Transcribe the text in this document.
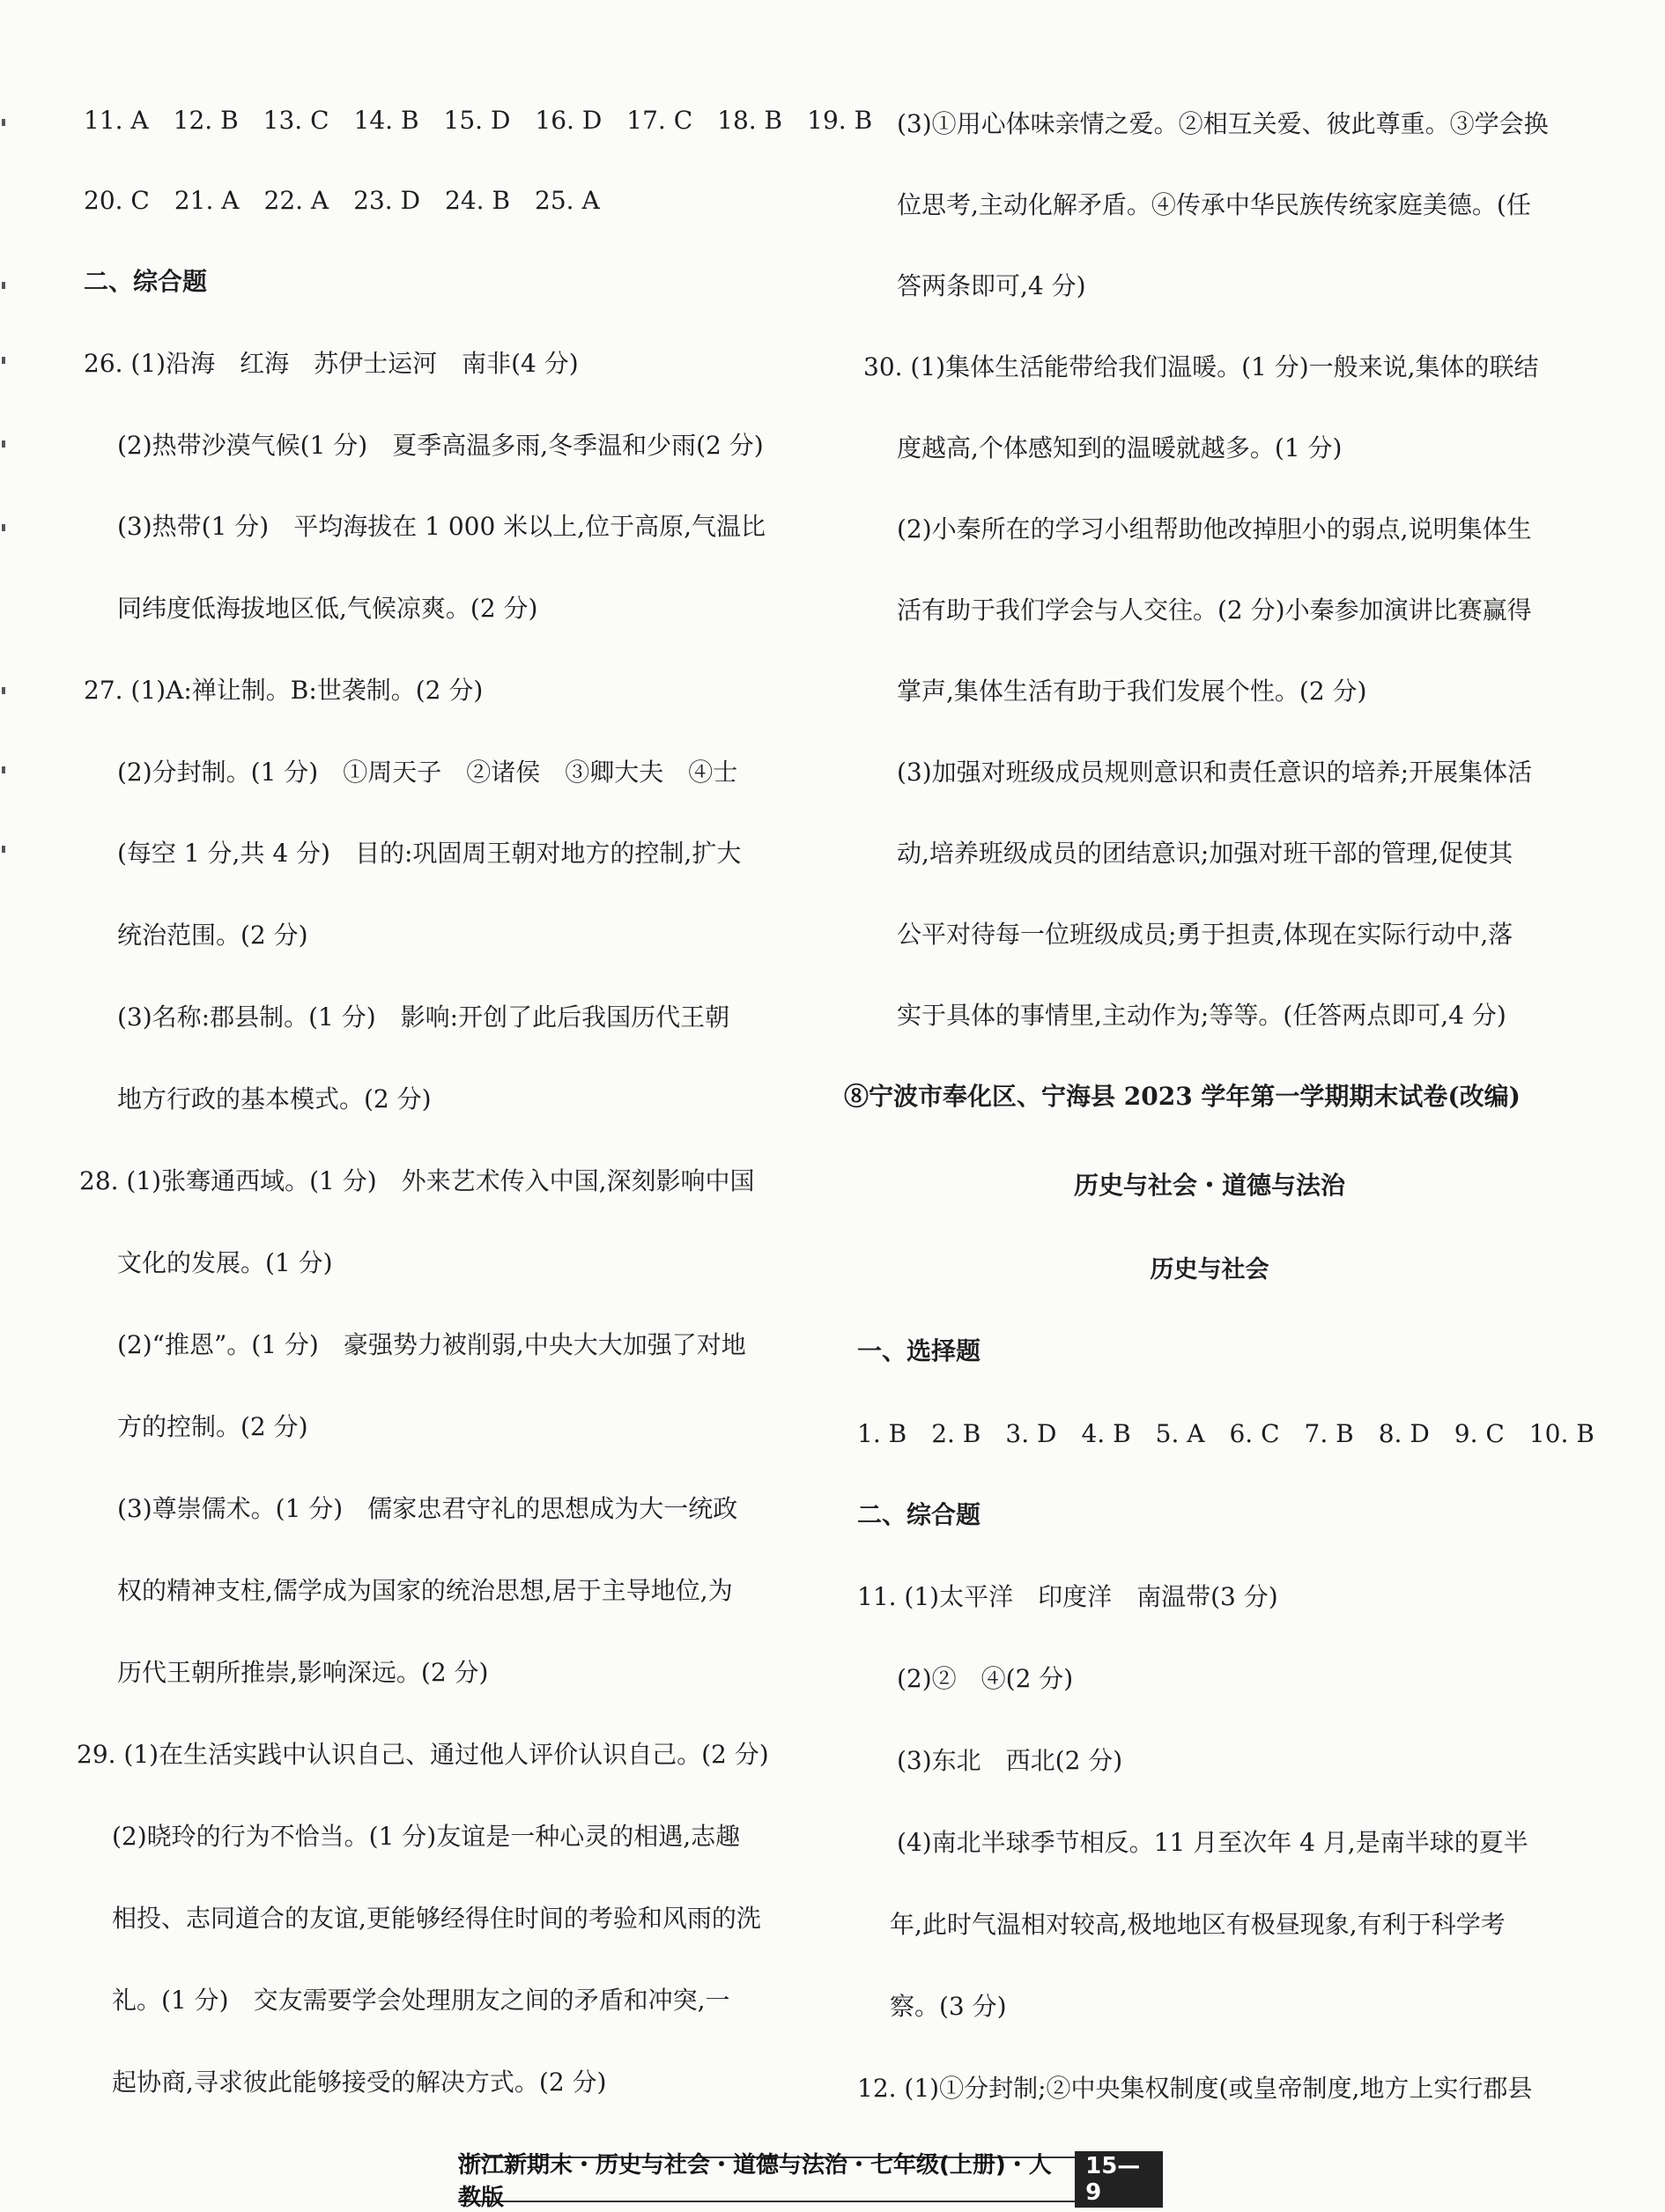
11. A　12. B　13. C　14. B　15. D　16. D　17. C　18. B　19. B
20. C　21. A　22. A　23. D　24. B　25. A
二、综合题
26. (1)沿海　红海　苏伊士运河　南非(4 分)
(2)热带沙漠气候(1 分)　夏季高温多雨,冬季温和少雨(2 分)
(3)热带(1 分)　平均海拔在 1 000 米以上,位于高原,气温比
同纬度低海拔地区低,气候凉爽。(2 分)
27. (1)A:禅让制。B:世袭制。(2 分)
(2)分封制。(1 分)　①周天子　②诸侯　③卿大夫　④士
(每空 1 分,共 4 分)　目的:巩固周王朝对地方的控制,扩大
统治范围。(2 分)
(3)名称:郡县制。(1 分)　影响:开创了此后我国历代王朝
地方行政的基本模式。(2 分)
28. (1)张骞通西域。(1 分)　外来艺术传入中国,深刻影响中国
文化的发展。(1 分)
(2)“推恩”。(1 分)　豪强势力被削弱,中央大大加强了对地
方的控制。(2 分)
(3)尊崇儒术。(1 分)　儒家忠君守礼的思想成为大一统政
权的精神支柱,儒学成为国家的统治思想,居于主导地位,为
历代王朝所推崇,影响深远。(2 分)
29. (1)在生活实践中认识自己、通过他人评价认识自己。(2 分)
(2)晓玲的行为不恰当。(1 分)友谊是一种心灵的相遇,志趣
相投、志同道合的友谊,更能够经得住时间的考验和风雨的洗
礼。(1 分)　交友需要学会处理朋友之间的矛盾和冲突,一
起协商,寻求彼此能够接受的解决方式。(2 分)
(3)①用心体味亲情之爱。②相互关爱、彼此尊重。③学会换
位思考,主动化解矛盾。④传承中华民族传统家庭美德。(任
答两条即可,4 分)
30. (1)集体生活能带给我们温暖。(1 分)一般来说,集体的联结
度越高,个体感知到的温暖就越多。(1 分)
(2)小秦所在的学习小组帮助他改掉胆小的弱点,说明集体生
活有助于我们学会与人交往。(2 分)小秦参加演讲比赛赢得
掌声,集体生活有助于我们发展个性。(2 分)
(3)加强对班级成员规则意识和责任意识的培养;开展集体活
动,培养班级成员的团结意识;加强对班干部的管理,促使其
公平对待每一位班级成员;勇于担责,体现在实际行动中,落
实于具体的事情里,主动作为;等等。(任答两点即可,4 分)
⑧宁波市奉化区、宁海县 2023 学年第一学期期末试卷(改编)
历史与社会・道德与法治
历史与社会
一、选择题
1. B　2. B　3. D　4. B　5. A　6. C　7. B　8. D　9. C　10. B
二、综合题
11. (1)太平洋　印度洋　南温带(3 分)
(2)②　④(2 分)
(3)东北　西北(2 分)
(4)南北半球季节相反。11 月至次年 4 月,是南半球的夏半
年,此时气温相对较高,极地地区有极昼现象,有利于科学考
察。(3 分)
12. (1)①分封制;②中央集权制度(或皇帝制度,地方上实行郡县
浙江新期末・历史与社会・道德与法治・七年级(上册)・人教版
15—9
